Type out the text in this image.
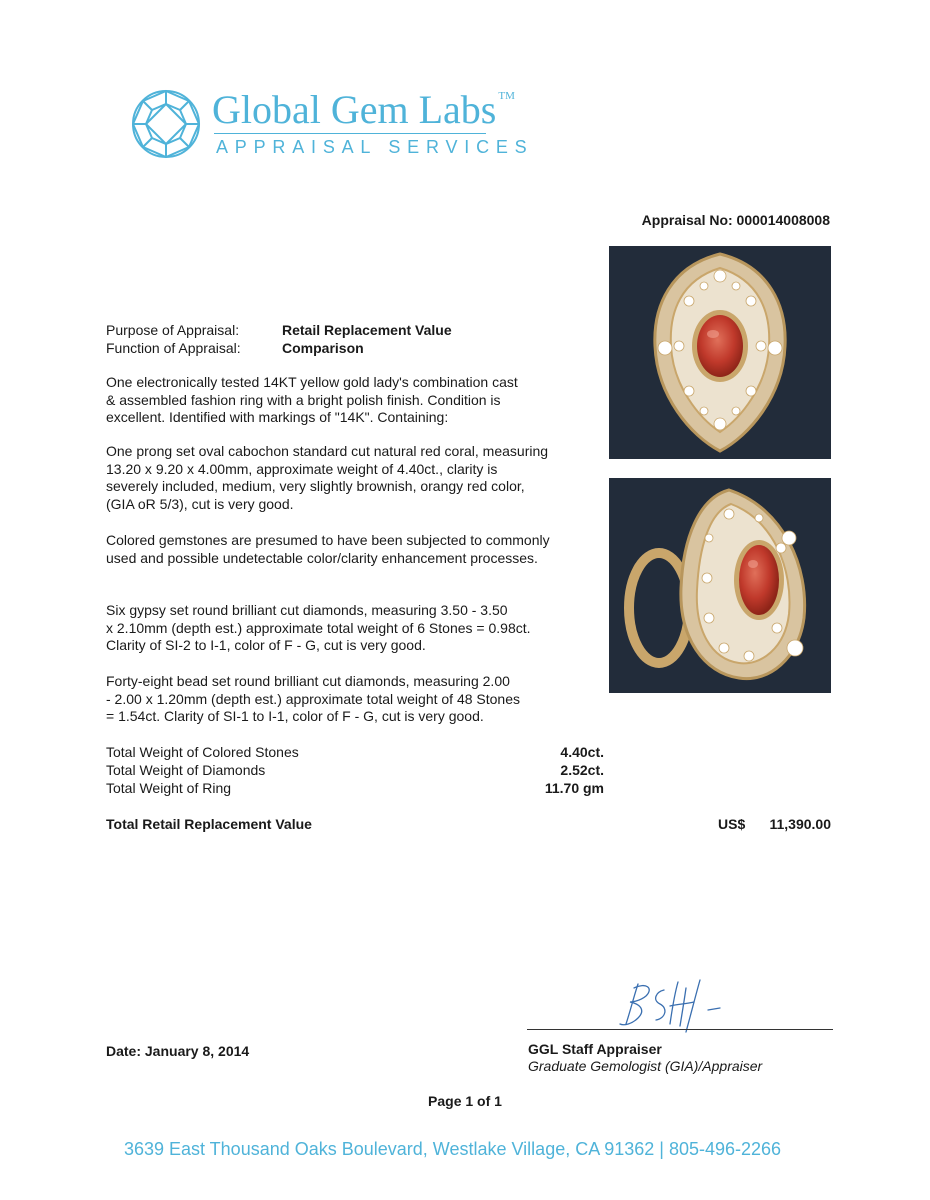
Global Gem Labs ™
APPRAISAL SERVICES
Appraisal No: 000014008008
Purpose of Appraisal:	Retail Replacement Value
Function of Appraisal:	Comparison
One electronically tested 14KT yellow gold lady's combination cast
& assembled fashion ring with a bright polish finish. Condition is
excellent. Identified with markings of "14K". Containing:
One prong set oval cabochon standard cut natural red coral, measuring
13.20 x 9.20 x 4.00mm, approximate weight of 4.40ct., clarity is
severely included, medium, very slightly brownish, orangy red color,
(GIA oR 5/3), cut is very good.
Colored gemstones are presumed to have been subjected to commonly
used and possible undetectable color/clarity enhancement processes.
Six gypsy set round brilliant cut diamonds, measuring 3.50 - 3.50
x 2.10mm (depth est.) approximate total weight of 6 Stones = 0.98ct.
Clarity of SI-2 to I-1, color of F - G, cut is very good.
Forty-eight bead set round brilliant cut diamonds, measuring 2.00
- 2.00 x 1.20mm (depth est.) approximate total weight of 48 Stones
= 1.54ct. Clarity of SI-1 to I-1, color of F - G, cut is very good.
Total Weight of Colored Stones	4.40ct.
Total Weight of Diamonds	2.52ct.
Total Weight of Ring	11.70 gm
Total Retail Replacement Value	US$	11,390.00
Date: January 8, 2014	GGL Staff Appraiser
Graduate Gemologist (GIA)/Appraiser
Page 1 of 1
3639 East Thousand Oaks Boulevard, Westlake Village, CA 91362 | 805-496-2266
